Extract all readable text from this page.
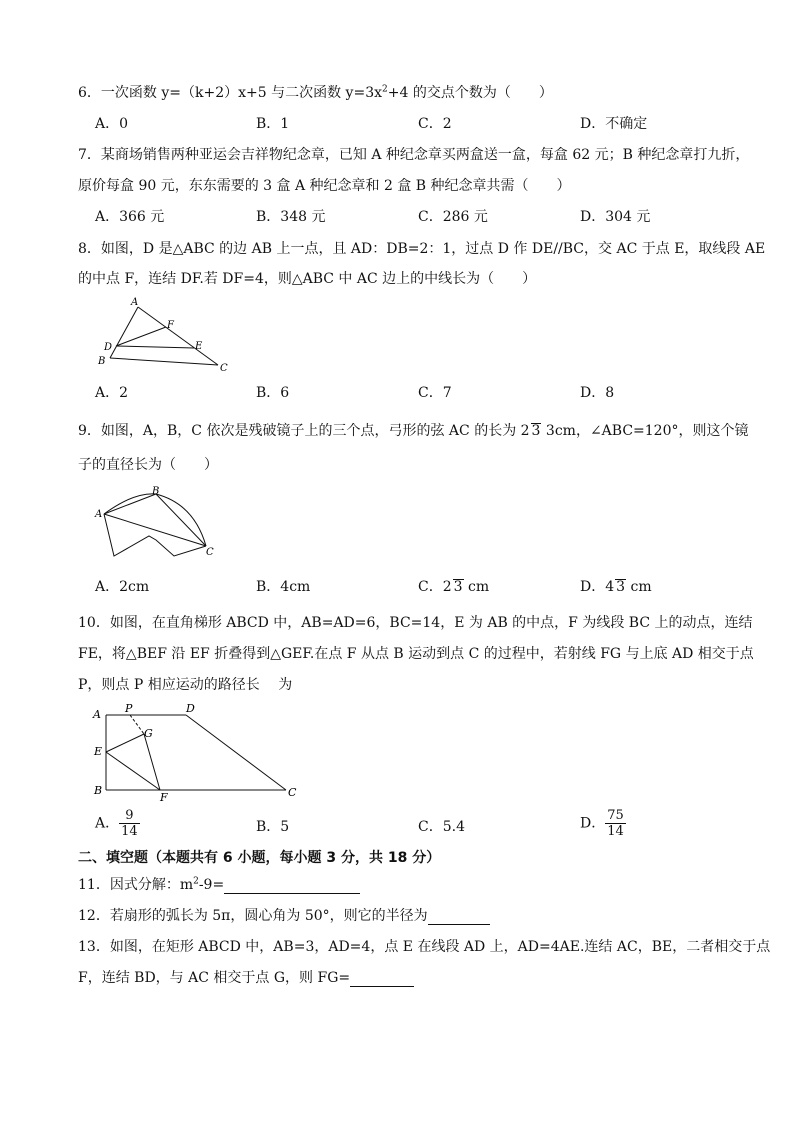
6．一次函数 y=（k+2）x+5 与二次函数 $y=3x^2+4$ 的交点个数为（　　）
A．0	B．1	C．2	D．不确定
7．某商场销售两种亚运会吉祥物纪念章，已知 A 种纪念章买两盒送一盒，每盒 62 元；B 种纪念章打九折，
原价每盒 90 元，东东需要的 3 盒 A 种纪念章和 2 盒 B 种纪念章共需（　　）
A．366 元	B．348 元	C．286 元	D．304 元
8．如图，D 是△ABC 的边 AB 上一点，且 AD：DB=2：1，过点 D 作 DE//BC，交 AC 于点 E，取线段 AE
的中点 F，连结 DF.若 DF=4，则△ABC 中 AC 边上的中线长为（　　）
A
F
D	E
B
C
A．2	B．6	C．7	D．8
9．如图，A，B，C 依次是残破镜子上的三个点，弓形的弦 AC 的长为 2 3 3cm，∠ABC=120°，则这个镜
子的直径长为（　　）
A
B
C
A．2cm	B．4cm	C．2 3 cm	D．4 3 cm
10．如图，在直角梯形 ABCD 中，AB=AD=6，BC=14，E 为 AB 的中点，F 为线段 BC 上的动点，连结
FE，将△BEF 沿 EF 折叠得到△GEF.在点 F 从点 B 运动到点 C 的过程中，若射线 FG 与上底 AD 相交于点
P，则点 P 相应运动的路径长　 为
A P	D
G
E
B
F	C
A． $\frac{9}{14}$	B．5	C．5.4	D． $\frac{75}{14}$
二、填空题（本题共有 6 小题，每小题 3 分，共 18 分）
11．因式分解：$m^2-9=$
12．若扇形的弧长为 5π，圆心角为 50°，则它的半径为
13．如图，在矩形 ABCD 中，AB=3，AD=4，点 E 在线段 AD 上，AD=4AE.连结 AC，BE，二者相交于点
F，连结 BD，与 AC 相交于点 G，则 FG=
